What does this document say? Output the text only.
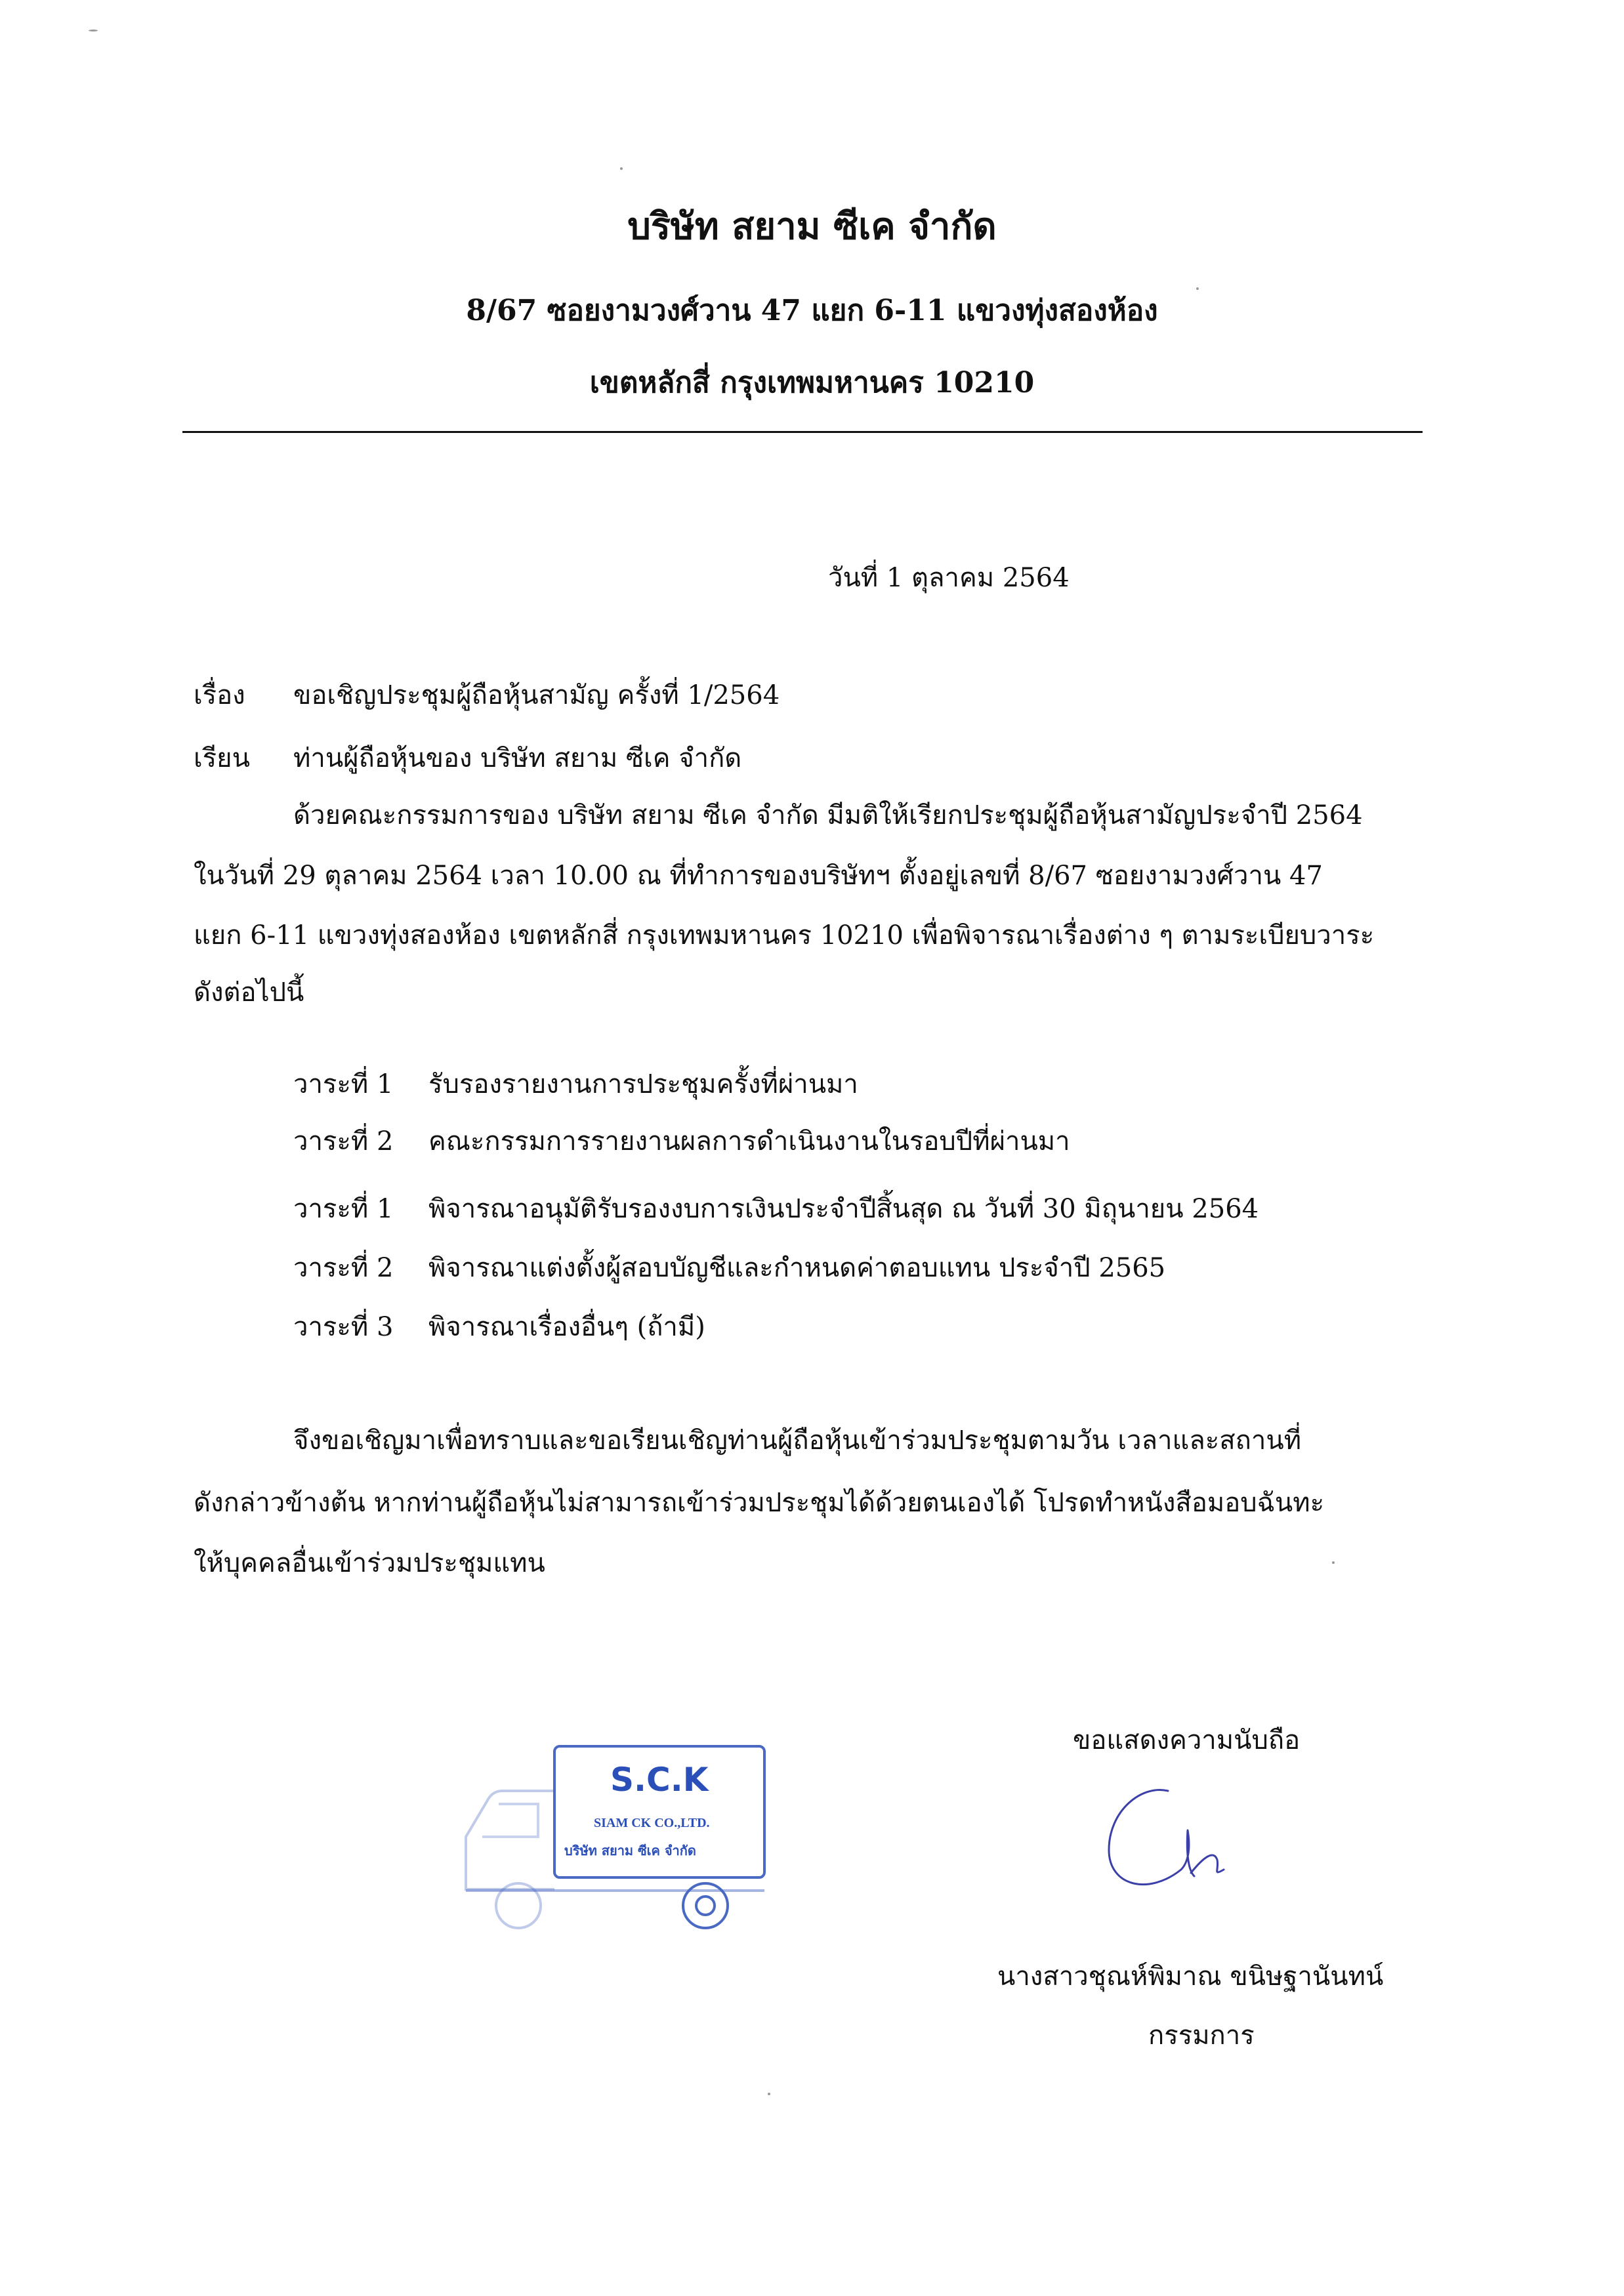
บริษัท สยาม ซีเค จำกัด
8/67 ซอยงามวงศ์วาน 47 แยก 6-11 แขวงทุ่งสองห้อง
เขตหลักสี่ กรุงเทพมหานคร 10210
วันที่ 1 ตุลาคม 2564
เรื่อง ขอเชิญประชุมผู้ถือหุ้นสามัญ ครั้งที่ 1/2564
เรียน ท่านผู้ถือหุ้นของ บริษัท สยาม ซีเค จำกัด
ด้วยคณะกรรมการของ บริษัท สยาม ซีเค จำกัด มีมติให้เรียกประชุมผู้ถือหุ้นสามัญประจำปี 2564
ในวันที่ 29 ตุลาคม 2564 เวลา 10.00 ณ ที่ทำการของบริษัทฯ ตั้งอยู่เลขที่ 8/67 ซอยงามวงศ์วาน 47
แยก 6-11 แขวงทุ่งสองห้อง เขตหลักสี่ กรุงเทพมหานคร 10210 เพื่อพิจารณาเรื่องต่าง ๆ ตามระเบียบวาระ
ดังต่อไปนี้
วาระที่ 1 รับรองรายงานการประชุมครั้งที่ผ่านมา
วาระที่ 2 คณะกรรมการรายงานผลการดำเนินงานในรอบปีที่ผ่านมา
วาระที่ 1 พิจารณาอนุมัติรับรองงบการเงินประจำปีสิ้นสุด ณ วันที่ 30 มิถุนายน 2564
วาระที่ 2 พิจารณาแต่งตั้งผู้สอบบัญชีและกำหนดค่าตอบแทน ประจำปี 2565
วาระที่ 3 พิจารณาเรื่องอื่นๆ (ถ้ามี)
จึงขอเชิญมาเพื่อทราบและขอเรียนเชิญท่านผู้ถือหุ้นเข้าร่วมประชุมตามวัน เวลาและสถานที่
ดังกล่าวข้างต้น หากท่านผู้ถือหุ้นไม่สามารถเข้าร่วมประชุมได้ด้วยตนเองได้ โปรดทำหนังสือมอบฉันทะ
ให้บุคคลอื่นเข้าร่วมประชุมแทน
ขอแสดงความนับถือ
S.C.K
SIAM CK CO.,LTD.
บริษัท สยาม ซีเค จำกัด
นางสาวชุณห์พิมาณ ขนิษฐานันทน์
กรรมการ
